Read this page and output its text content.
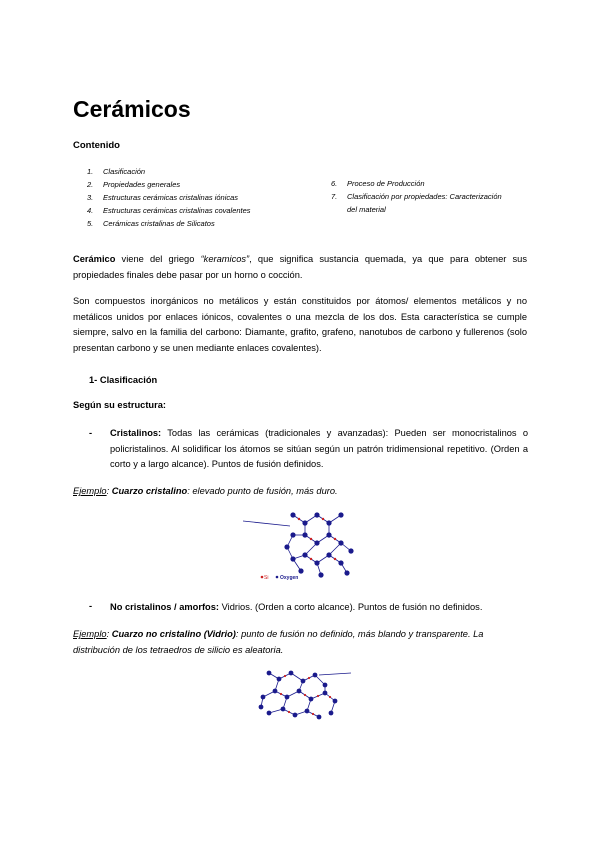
Cerámicos
Contenido
1. Clasificación
2. Propiedades generales
3. Estructuras cerámicas cristalinas iónicas
4. Estructuras cerámicas cristalinas covalentes
5. Cerámicas cristalinas de Silicatos
6. Proceso de Producción
7. Clasificación por propiedades: Caracterización
del material
Cerámico viene del griego “keramicos”, que significa sustancia quemada, ya que para obtener sus propiedades finales debe pasar por un horno o cocción.
Son compuestos inorgánicos no metálicos y están constituidos por átomos/ elementos metálicos y no metálicos unidos por enlaces iónicos, covalentes o una mezcla de los dos. Esta característica se cumple siempre, salvo en la familia del carbono: Diamante, grafito, grafeno, nanotubos de carbono y fullerenos (solo presentan carbono y se unen mediante enlaces covalentes).
1- Clasificación
Según su estructura:
- Cristalinos: Todas las cerámicas (tradicionales y avanzadas): Pueden ser monocristalinos o policristalinos. Al solidificar los átomos se sitúan según un patrón tridimensional repetitivo. (Orden a corto y a largo alcance). Puntos de fusión definidos.
Ejemplo: Cuarzo cristalino: elevado punto de fusión, más duro.
Si Oxygen
- No cristalinos / amorfos: Vidrios. (Orden a corto alcance). Puntos de fusión no definidos.
Ejemplo: Cuarzo no cristalino (Vidrio): punto de fusión no definido, más blando y transparente. La distribución de los tetraedros de silicio es aleatoria.
